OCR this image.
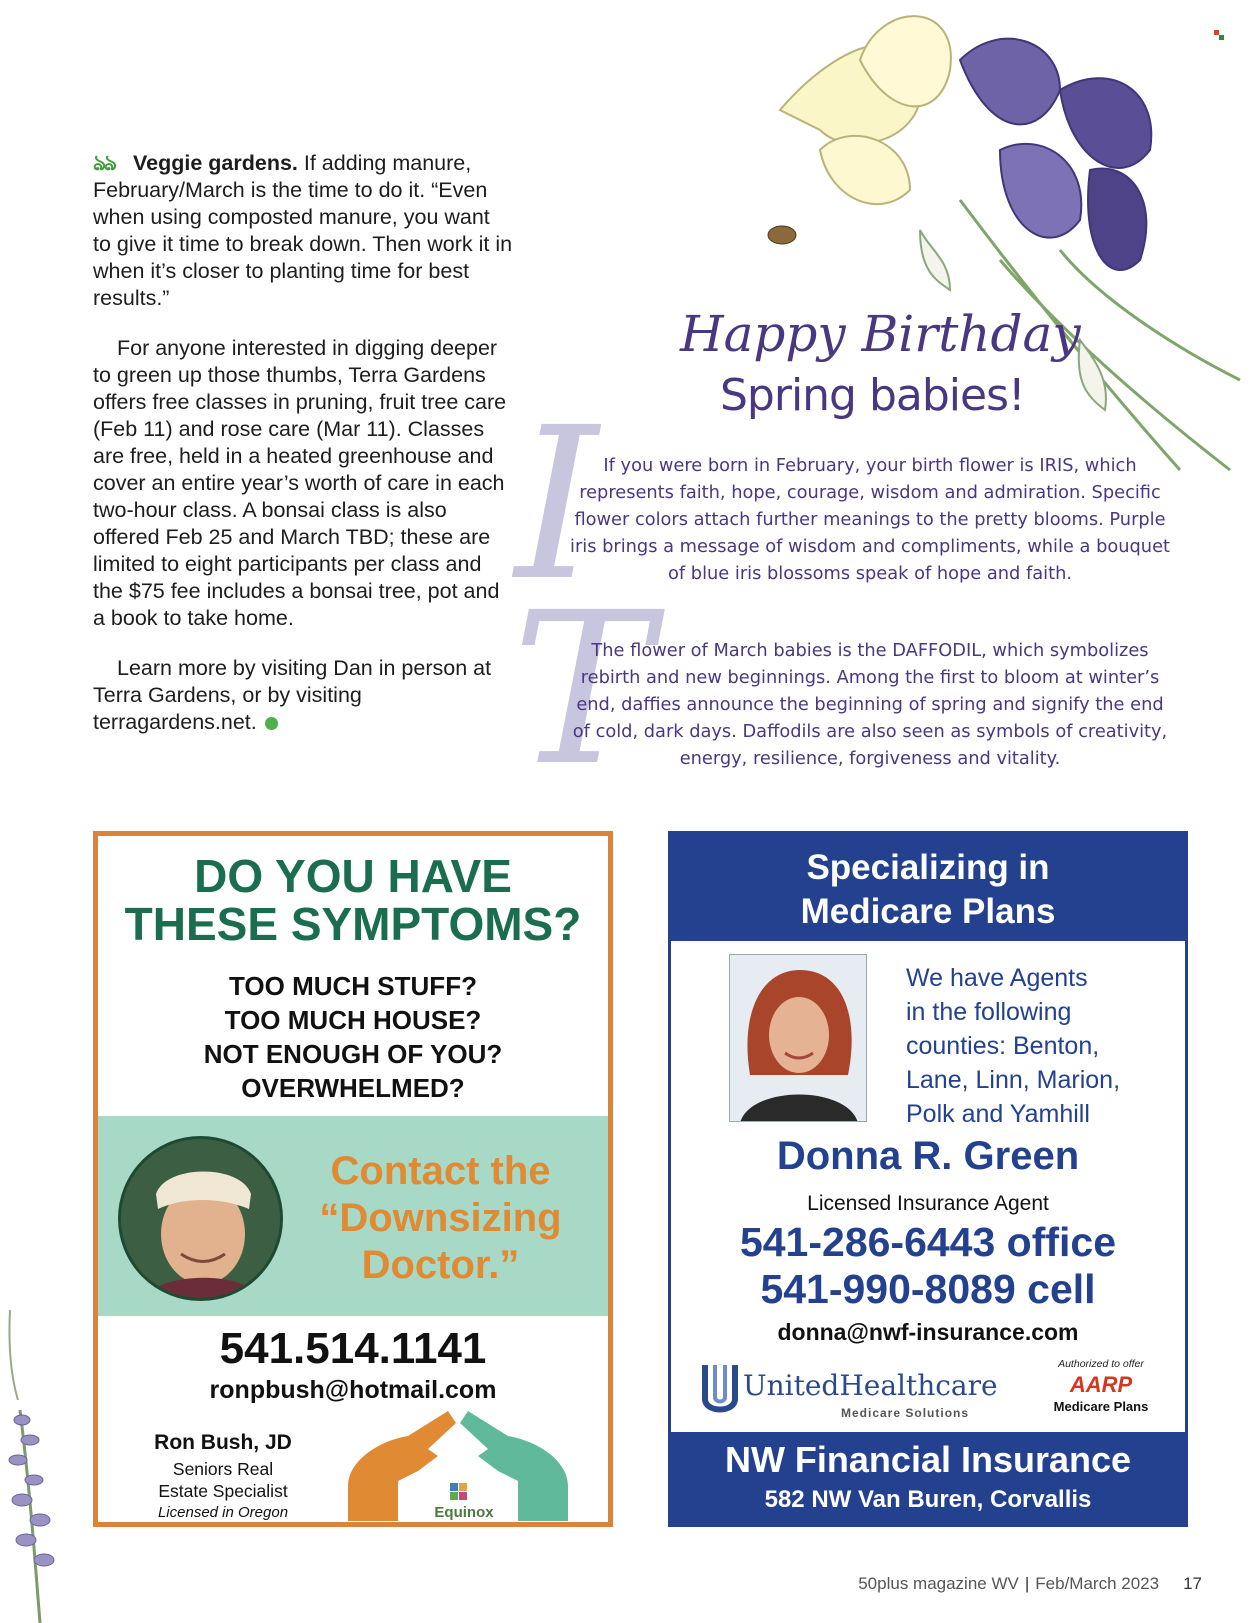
ঌঌ Veggie gardens. If adding manure, February/March is the time to do it. “Even when using composted manure, you want to give it time to break down. Then work it in when it’s closer to planting time for best results.”

For anyone interested in digging deeper to green up those thumbs, Terra Gardens offers free classes in pruning, fruit tree care (Feb 11) and rose care (Mar 11). Classes are free, held in a heated greenhouse and cover an entire year’s worth of care in each two-hour class. A bonsai class is also offered Feb 25 and March TBD; these are limited to eight participants per class and the $75 fee includes a bonsai tree, pot and a book to take home.

Learn more by visiting Dan in person at Terra Gardens, or by visiting terragardens.net.

Happy Birthday
Spring babies!
I
T
If you were born in February, your birth flower is IRIS, which represents faith, hope, courage, wisdom and admiration. Specific flower colors attach further meanings to the pretty blooms. Purple iris brings a message of wisdom and compliments, while a bouquet of blue iris blossoms speak of hope and faith.
The flower of March babies is the DAFFODIL, which symbolizes rebirth and new beginnings. Among the first to bloom at winter’s end, daffies announce the beginning of spring and signify the end of cold, dark days. Daffodils are also seen as symbols of creativity, energy, resilience, forgiveness and vitality.
DO YOU HAVE
THESE SYMPTOMS?
TOO MUCH STUFF?
TOO MUCH HOUSE?
NOT ENOUGH OF YOU?
OVERWHELMED?
Contact the
“Downsizing
Doctor.”
541.514.1141
ronpbush@hotmail.com
Ron Bush, JD
Seniors Real
Estate Specialist
Licensed in Oregon	Equinox
Specializing in
Medicare Plans
We have Agents
in the following
counties: Benton,
Lane, Linn, Marion,
Polk and Yamhill
Donna R. Green
Licensed Insurance Agent
541-286-6443 office
541-990-8089 cell
donna@nwf-insurance.com
UnitedHealthcare
Medicare Solutions
Authorized to offer
AARP
Medicare Plans
NW Financial Insurance
582 NW Van Buren, Corvallis
50plus magazine WV | Feb/March 2023 17
